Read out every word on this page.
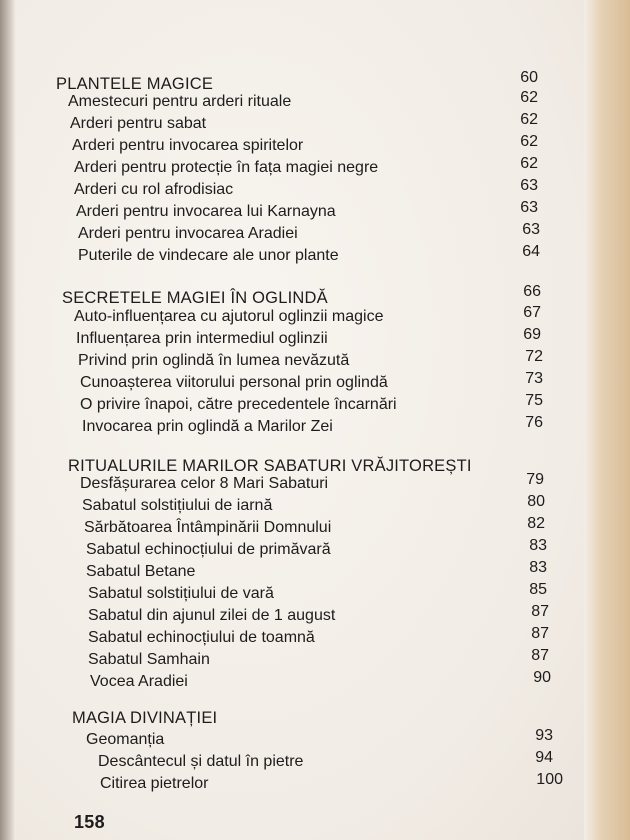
PLANTELE MAGICE	60
Amestecuri pentru arderi rituale	62
Arderi pentru sabat	62
Arderi pentru invocarea spiritelor	62
Arderi pentru protecție în fața magiei negre	62
Arderi cu rol afrodisiac	63
Arderi pentru invocarea lui Karnayna	63
Arderi pentru invocarea Aradiei	63
Puterile de vindecare ale unor plante	64
SECRETELE MAGIEI ÎN OGLINDĂ	66
Auto-influențarea cu ajutorul oglinzii magice	67
Influențarea prin intermediul oglinzii	69
Privind prin oglindă în lumea nevăzută	72
Cunoașterea viitorului personal prin oglindă	73
O privire înapoi, către precedentele încarnări	75
Invocarea prin oglindă a Marilor Zei	76
RITUALURILE MARILOR SABATURI VRĂJITOREȘTI
Desfășurarea celor 8 Mari Sabaturi	79
Sabatul solstițiului de iarnă	80
Sărbătoarea Întâmpinării Domnului	82
Sabatul echinocțiului de primăvară	83
Sabatul Betane	83
Sabatul solstițiului de vară	85
Sabatul din ajunul zilei de 1 august	87
Sabatul echinocțiului de toamnă	87
Sabatul Samhain	87
Vocea Aradiei	90
MAGIA DIVINAȚIEI
Geomanția	93
Descântecul și datul în pietre	94
Citirea pietrelor	100
158
